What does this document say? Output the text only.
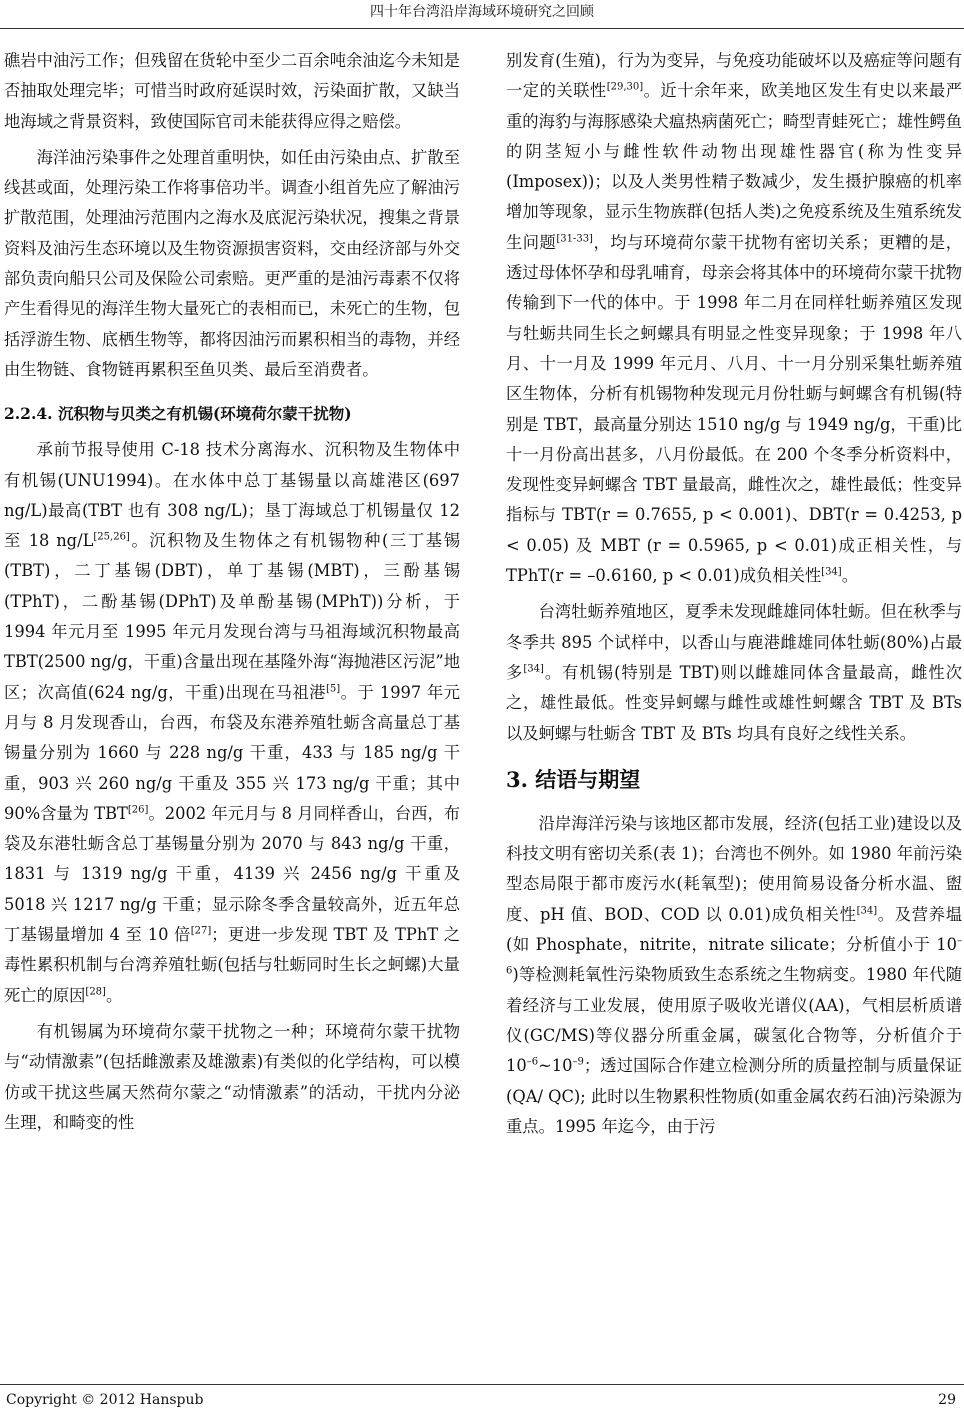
四十年台湾沿岸海域环境研究之回顾

礁岩中油污工作；但残留在货轮中至少二百余吨余油迄今未知是否抽取处理完毕；可惜当时政府延误时效，污染面扩散，又缺当地海域之背景资料，致使国际官司未能获得应得之赔偿。

海洋油污染事件之处理首重明快，如任由污染由点、扩散至线甚或面，处理污染工作将事倍功半。调查小组首先应了解油污扩散范围，处理油污范围内之海水及底泥污染状况，搜集之背景资料及油污生态环境以及生物资源损害资料，交由经济部与外交部负责向船只公司及保险公司索赔。更严重的是油污毒素不仅将产生看得见的海洋生物大量死亡的表相而已，未死亡的生物，包括浮游生物、底栖生物等，都将因油污而累积相当的毒物，并经由生物链、食物链再累积至鱼贝类、最后至消费者。

2.2.4. 沉积物与贝类之有机锡(环境荷尔蒙干扰物)

承前节报导使用 C-18 技术分离海水、沉积物及生物体中有机锡(UNU1994)。在水体中总丁基锡量以高雄港区(697 ng/L)最高(TBT 也有 308 ng/L)；垦丁海域总丁机锡量仅 12 至 18 ng/L[25,26]。沉积物及生物体之有机锡物种(三丁基锡(TBT)，二丁基锡(DBT)，单丁基锡(MBT)，三酚基锡(TPhT)，二酚基锡(DPhT)及单酚基锡(MPhT))分析，于 1994 年元月至 1995 年元月发现台湾与马祖海域沉积物最高 TBT(2500 ng/g，干重)含量出现在基隆外海“海抛港区污泥”地区；次高值(624 ng/g，干重)出现在马祖港[5]。于 1997 年元月与 8 月发现香山，台西，布袋及东港养殖牡蛎含高量总丁基锡量分别为 1660 与 228 ng/g 干重，433 与 185 ng/g 干重，903 兴 260 ng/g 干重及 355 兴 173 ng/g 干重；其中 90%含量为 TBT[26]。2002 年元月与 8 月同样香山，台西，布袋及东港牡蛎含总丁基锡量分别为 2070 与 843 ng/g 干重，1831 与 1319 ng/g 干重，4139 兴 2456 ng/g 干重及 5018 兴 1217 ng/g 干重；显示除冬季含量较高外，近五年总丁基锡量增加 4 至 10 倍[27]；更进一步发现 TBT 及 TPhT 之毒性累积机制与台湾养殖牡蛎(包括与牡蛎同时生长之蚵螺)大量死亡的原因[28]。

有机锡属为环境荷尔蒙干扰物之一种；环境荷尔蒙干扰物与“动情激素”(包括雌激素及雄激素)有类似的化学结构，可以模仿或干扰这些属天然荷尔蒙之“动情激素”的活动，干扰内分泌生理，和畸变的性

别发育(生殖)，行为为变异，与免疫功能破坏以及癌症等问题有一定的关联性[29,30]。近十余年来，欧美地区发生有史以来最严重的海豹与海豚感染犬瘟热病菌死亡；畸型青蛙死亡；雄性鳄鱼的阴茎短小与雌性软件动物出现雄性器官(称为性变异(Imposex))；以及人类男性精子数减少，发生摄护腺癌的机率增加等现象，显示生物族群(包括人类)之免疫系统及生殖系统发生问题[31-33]，均与环境荷尔蒙干扰物有密切关系；更糟的是，透过母体怀孕和母乳哺育，母亲会将其体中的环境荷尔蒙干扰物传输到下一代的体中。于 1998 年二月在同样牡蛎养殖区发现与牡蛎共同生长之蚵螺具有明显之性变异现象；于 1998 年八月、十一月及 1999 年元月、八月、十一月分别采集牡蛎养殖区生物体，分析有机锡物种发现元月份牡蛎与蚵螺含有机锡(特别是 TBT，最高量分别达 1510 ng/g 与 1949 ng/g，干重)比十一月份高出甚多，八月份最低。在 200 个冬季分析资料中，发现性变异蚵螺含 TBT 量最高，雌性次之，雄性最低；性变异指标与 TBT(r = 0.7655, p < 0.001)、DBT(r = 0.4253, p < 0.05) 及 MBT (r = 0.5965, p < 0.01)成正相关性，与 TPhT(r = –0.6160, p < 0.01)成负相关性[34]。

台湾牡蛎养殖地区，夏季未发现雌雄同体牡蛎。但在秋季与冬季共 895 个试样中，以香山与鹿港雌雄同体牡蛎(80%)占最多[34]。有机锡(特别是 TBT)则以雌雄同体含量最高，雌性次之，雄性最低。性变异蚵螺与雌性或雄性蚵螺含 TBT 及 BTs 以及蚵螺与牡蛎含 TBT 及 BTs 均具有良好之线性关系。

3. 结语与期望

沿岸海洋污染与该地区都市发展，经济(包括工业)建设以及科技文明有密切关系(表 1)；台湾也不例外。如 1980 年前污染型态局限于都市废污水(耗氧型)；使用简易设备分析水温、盥度、pH 值、BOD、COD 以 0.01)成负相关性[34]。及营养塭(如 Phosphate，nitrite，nitrate silicate；分析值小于 $10^{-6}$)等检测耗氧性污染物质致生态系统之生物病变。1980 年代随着经济与工业发展，使用原子吸收光谱仪(AA)，气相层析质谱仪(GC/MS)等仪器分所重金属，碳氢化合物等，分析值介于 $10^{-6}\sim 10^{-9}$；透过国际合作建立检测分所的质量控制与质量保证(QA/ QC); 此时以生物累积性物质(如重金属农药石油)污染源为重点。1995 年迄今，由于污

Copyright © 2012 Hanspub	29
